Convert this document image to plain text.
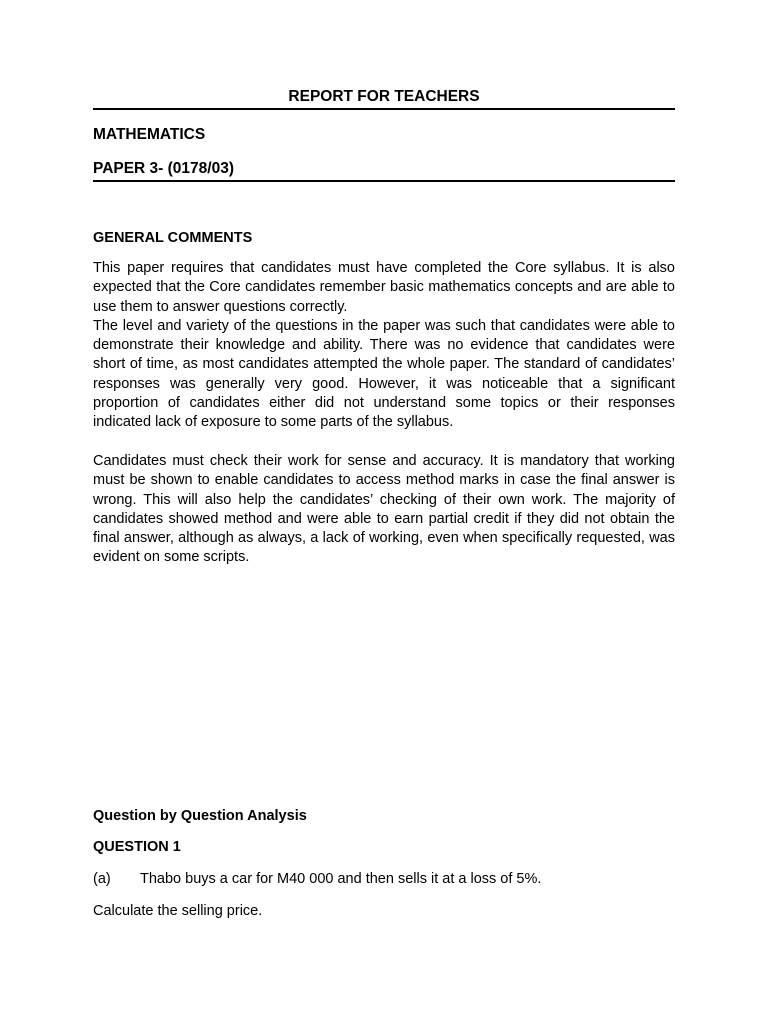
REPORT FOR TEACHERS
MATHEMATICS
PAPER 3- (0178/03)
GENERAL COMMENTS

This paper requires that candidates must have completed the Core syllabus. It is also expected that the Core candidates remember basic mathematics concepts and are able to use them to answer questions correctly.

The level and variety of the questions in the paper was such that candidates were able to demonstrate their knowledge and ability. There was no evidence that candidates were short of time, as most candidates attempted the whole paper. The standard of candidates’ responses was generally very good. However, it was noticeable that a significant proportion of candidates either did not understand some topics or their responses indicated lack of exposure to some parts of the syllabus.

Candidates must check their work for sense and accuracy. It is mandatory that working must be shown to enable candidates to access method marks in case the final answer is wrong. This will also help the candidates’ checking of their own work. The majority of candidates showed method and were able to earn partial credit if they did not obtain the final answer, although as always, a lack of working, even when specifically requested, was evident on some scripts.

Question by Question Analysis
QUESTION 1
(a) Thabo buys a car for M40 000 and then sells it at a loss of 5%.
Calculate the selling price.
